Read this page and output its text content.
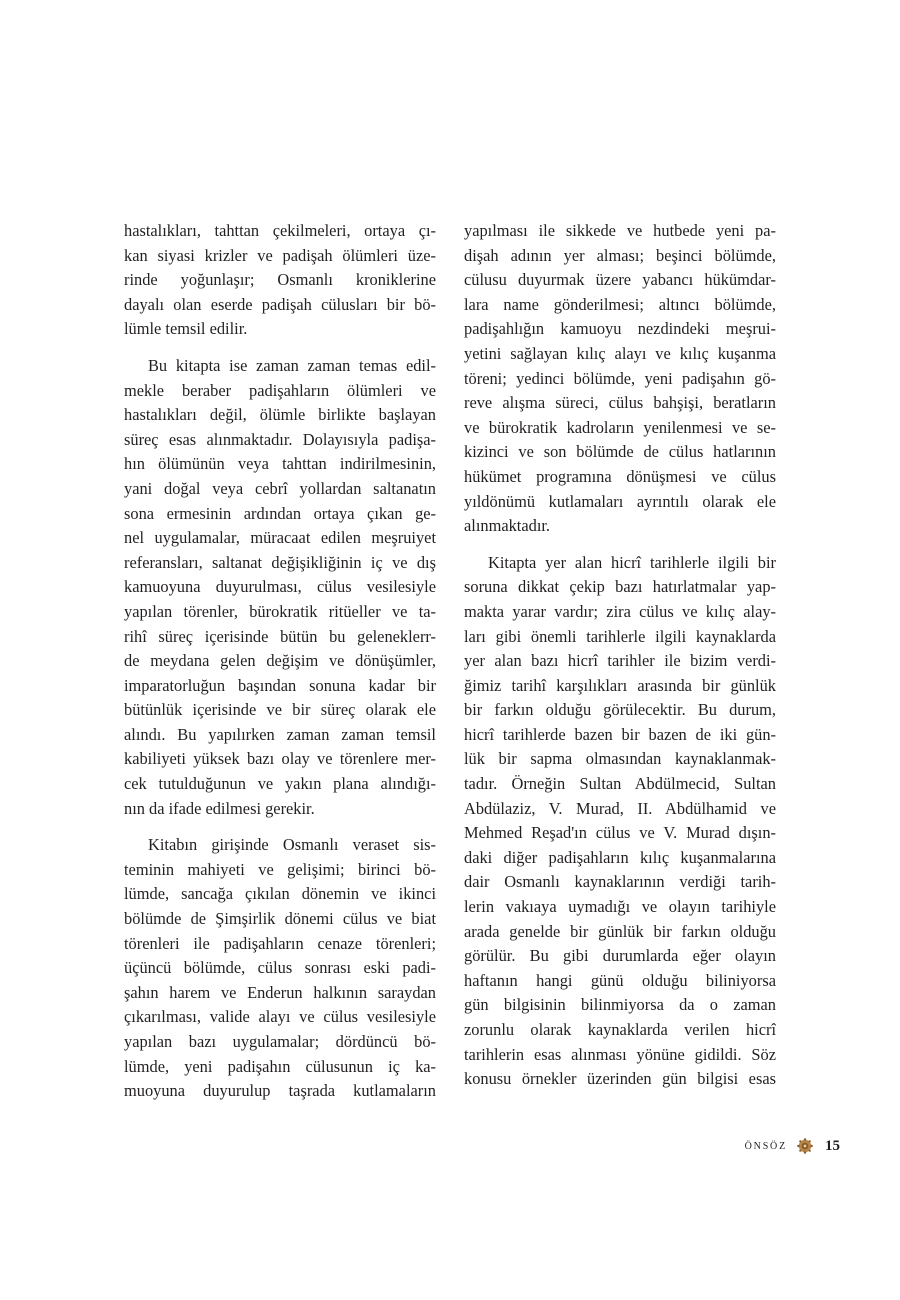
hastalıkları, tahttan çekilmeleri, ortaya çı-
kan siyasi krizler ve padişah ölümleri üze-
rinde yoğunlaşır; Osmanlı kroniklerine
dayalı olan eserde padişah cülusları bir bö-
lümle temsil edilir.
Bu kitapta ise zaman zaman temas edil-
mekle beraber padişahların ölümleri ve
hastalıkları değil, ölümle birlikte başlayan
süreç esas alınmaktadır. Dolayısıyla padişa-
hın ölümünün veya tahttan indirilmesinin,
yani doğal veya cebrî yollardan saltanatın
sona ermesinin ardından ortaya çıkan ge-
nel uygulamalar, müracaat edilen meşruiyet
referansları, saltanat değişikliğinin iç ve dış
kamuoyuna duyurulması, cülus vesilesiyle
yapılan törenler, bürokratik ritüeller ve ta-
rihî süreç içerisinde bütün bu geleneklerr-
de meydana gelen değişim ve dönüşümler,
imparatorluğun başından sonuna kadar bir
bütünlük içerisinde ve bir süreç olarak ele
alındı. Bu yapılırken zaman zaman temsil
kabiliyeti yüksek bazı olay ve törenlere mer-
cek tutulduğunun ve yakın plana alındığı-
nın da ifade edilmesi gerekir.
Kitabın girişinde Osmanlı veraset sis-
teminin mahiyeti ve gelişimi; birinci bö-
lümde, sancağa çıkılan dönemin ve ikinci
bölümde de Şimşirlik dönemi cülus ve biat
törenleri ile padişahların cenaze törenleri;
üçüncü bölümde, cülus sonrası eski padi-
şahın harem ve Enderun halkının saraydan
çıkarılması, valide alayı ve cülus vesilesiyle
yapılan bazı uygulamalar; dördüncü bö-
lümde, yeni padişahın cülusunun iç ka-
muoyuna duyurulup taşrada kutlamaların
yapılması ile sikkede ve hutbede yeni pa-
dişah adının yer alması; beşinci bölümde,
cülusu duyurmak üzere yabancı hükümdar-
lara name gönderilmesi; altıncı bölümde,
padişahlığın kamuoyu nezdindeki meşrui-
yetini sağlayan kılıç alayı ve kılıç kuşanma
töreni; yedinci bölümde, yeni padişahın gö-
reve alışma süreci, cülus bahşişi, beratların
ve bürokratik kadroların yenilenmesi ve se-
kizinci ve son bölümde de cülus hatlarının
hükümet programına dönüşmesi ve cülus
yıldönümü kutlamaları ayrıntılı olarak ele
alınmaktadır.
Kitapta yer alan hicrî tarihlerle ilgili bir
soruna dikkat çekip bazı hatırlatmalar yap-
makta yarar vardır; zira cülus ve kılıç alay-
ları gibi önemli tarihlerle ilgili kaynaklarda
yer alan bazı hicrî tarihler ile bizim verdi-
ğimiz tarihî karşılıkları arasında bir günlük
bir farkın olduğu görülecektir. Bu durum,
hicrî tarihlerde bazen bir bazen de iki gün-
lük bir sapma olmasından kaynaklanmak-
tadır. Örneğin Sultan Abdülmecid, Sultan
Abdülaziz, V. Murad, II. Abdülhamid ve
Mehmed Reşad'ın cülus ve V. Murad dışın-
daki diğer padişahların kılıç kuşanmalarına
dair Osmanlı kaynaklarının verdiği tarih-
lerin vakıaya uymadığı ve olayın tarihiyle
arada genelde bir günlük bir farkın olduğu
görülür. Bu gibi durumlarda eğer olayın
haftanın hangi günü olduğu biliniyorsa
gün bilgisinin bilinmiyorsa da o zaman
zorunlu olarak kaynaklarda verilen hicrî
tarihlerin esas alınması yönüne gidildi. Söz
konusu örnekler üzerinden gün bilgisi esas
ÖNSÖZ	15
